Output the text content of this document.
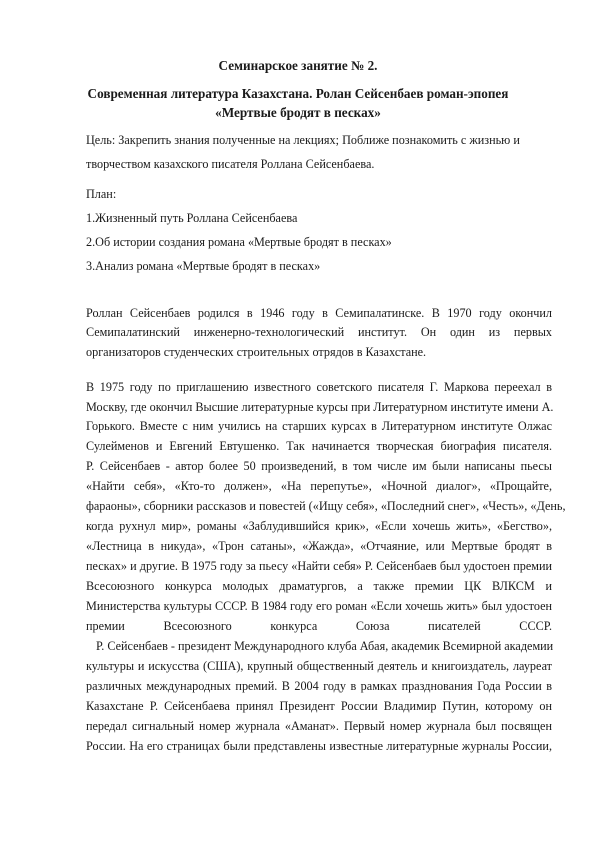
Семинарское занятие № 2.
Современная литература Казахстана. Ролан Сейсенбаев роман-эпопея
«Мертвые бродят в песках»
Цель: Закрепить знания полученные на лекциях; Поближе познакомить с жизнью и
творчеством казахского писателя Роллана Сейсенбаева.
План:
1.Жизненный путь Роллана Сейсенбаева
2.Об истории создания романа «Мертвые бродят в песках»
3.Анализ романа «Мертвые бродят в песках»
Роллан Сейсенбаев родился в 1946 году в Семипалатинске. В 1970 году окончил
Семипалатинский инженерно-технологический институт. Он один из первых
организаторов студенческих строительных отрядов в Казахстане.
В 1975 году по приглашению известного советского писателя Г. Маркова переехал в
Москву, где окончил Высшие литературные курсы при Литературном институте имени А.
Горького. Вместе с ним учились на старших курсах в Литературном институте Олжас
Сулейменов и Евгений Евтушенко. Так начинается творческая биография писателя.
Р. Сейсенбаев - автор более 50 произведений, в том числе им были написаны пьесы
«Найти себя», «Кто-то должен», «На перепутье», «Ночной диалог», «Прощайте,
фараоны», сборники рассказов и повестей («Ищу себя», «Последний снег», «Честь», «День,
когда рухнул мир», романы «Заблудившийся крик», «Если хочешь жить», «Бегство»,
«Лестница в никуда», «Трон сатаны», «Жажда», «Отчаяние, или Мертвые бродят в
песках» и другие. В 1975 году за пьесу «Найти себя» Р. Сейсенбаев был удостоен премии
Всесоюзного конкурса молодых драматургов, а также премии ЦК ВЛКСМ и
Министерства культуры СССР. В 1984 году его роман «Если хочешь жить» был удостоен
премии Всесоюзного конкурса Союза писателей СССР.
Р. Сейсенбаев - президент Международного клуба Абая, академик Всемирной академии
культуры и искусства (США), крупный общественный деятель и книгоиздатель, лауреат
различных международных премий. В 2004 году в рамках празднования Года России в
Казахстане Р. Сейсенбаева принял Президент России Владимир Путин, которому он
передал сигнальный номер журнала «Аманат». Первый номер журнала был посвящен
России. На его страницах были представлены известные литературные журналы России,
